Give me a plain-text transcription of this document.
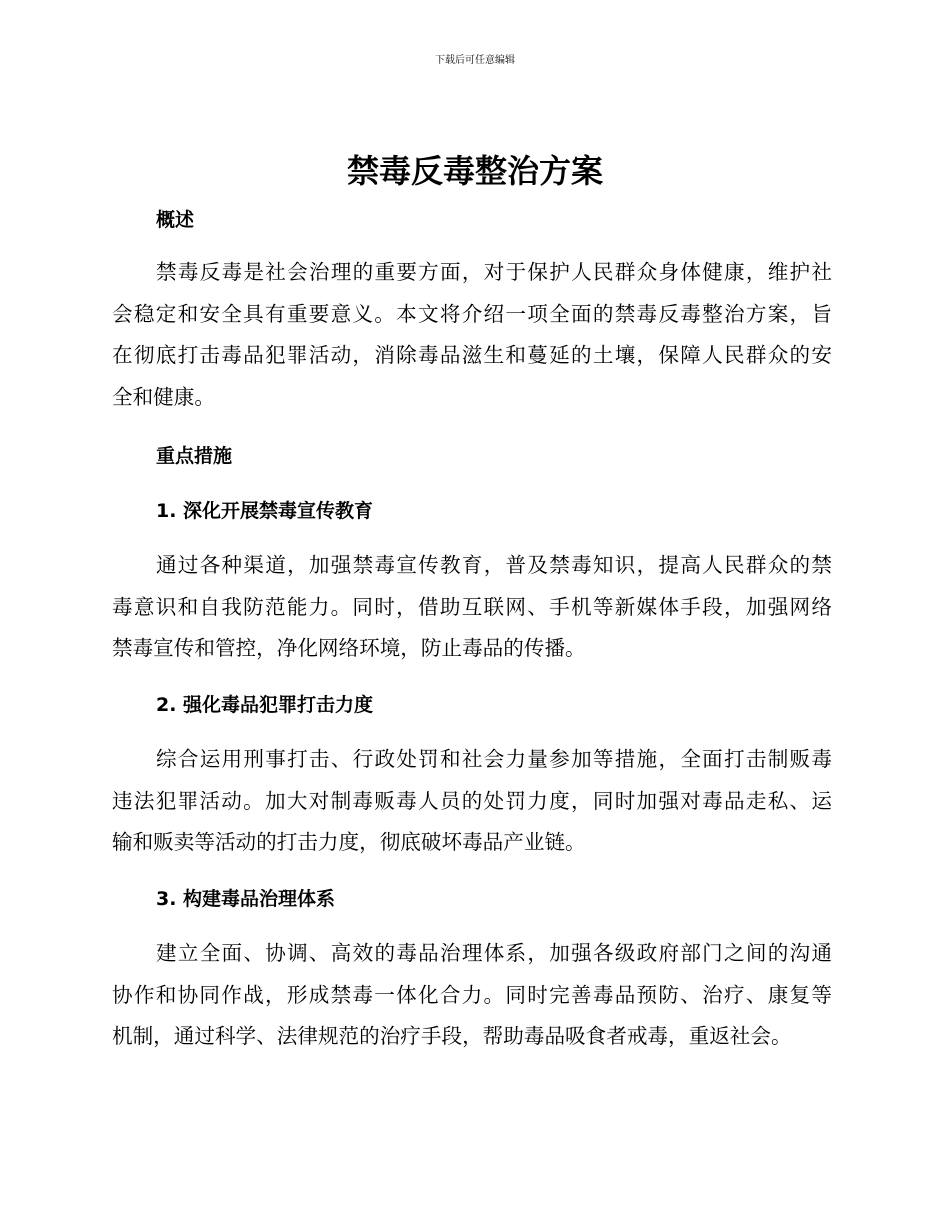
下载后可任意编辑
禁毒反毒整治方案
概述
禁毒反毒是社会治理的重要方面，对于保护人民群众身体健康，维护社
会稳定和安全具有重要意义。本文将介绍一项全面的禁毒反毒整治方案，旨
在彻底打击毒品犯罪活动，消除毒品滋生和蔓延的土壤，保障人民群众的安
全和健康。
重点措施
1. 深化开展禁毒宣传教育
通过各种渠道，加强禁毒宣传教育，普及禁毒知识，提高人民群众的禁
毒意识和自我防范能力。同时，借助互联网、手机等新媒体手段，加强网络
禁毒宣传和管控，净化网络环境，防止毒品的传播。
2. 强化毒品犯罪打击力度
综合运用刑事打击、行政处罚和社会力量参加等措施，全面打击制贩毒
违法犯罪活动。加大对制毒贩毒人员的处罚力度，同时加强对毒品走私、运
输和贩卖等活动的打击力度，彻底破坏毒品产业链。
3. 构建毒品治理体系
建立全面、协调、高效的毒品治理体系，加强各级政府部门之间的沟通
协作和协同作战，形成禁毒一体化合力。同时完善毒品预防、治疗、康复等
机制，通过科学、法律规范的治疗手段，帮助毒品吸食者戒毒，重返社会。
